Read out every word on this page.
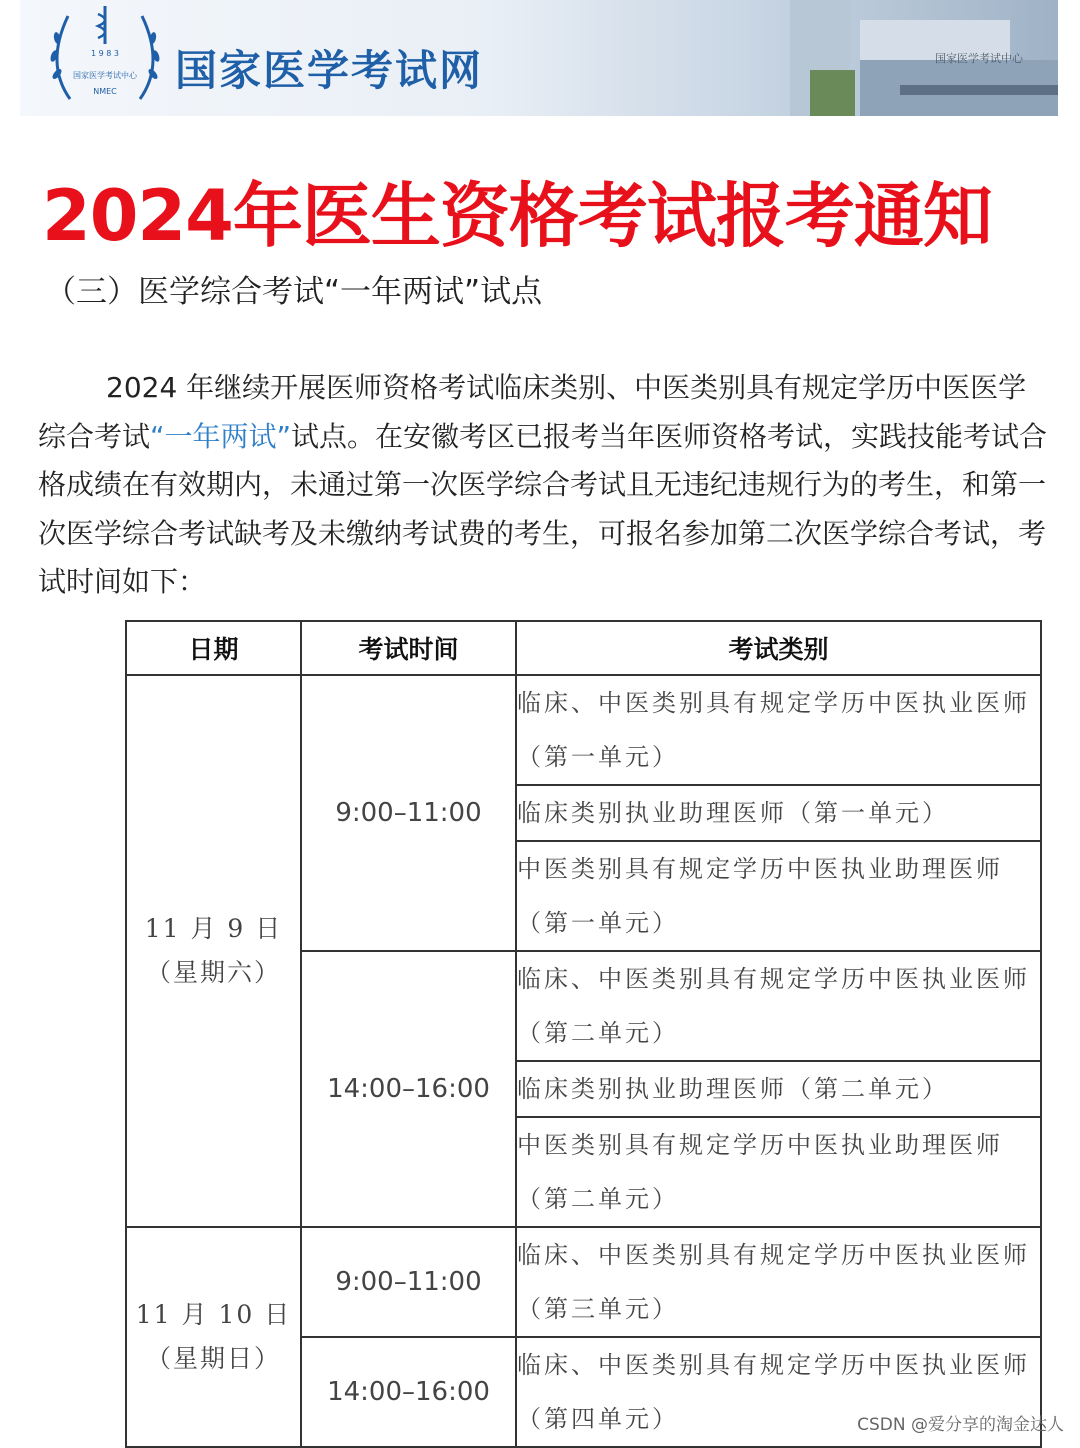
1 9 8 3
国家医学考试中心
NMEC 国家医学考试网	国家医学考试中心
2024年医生资格考试报考通知
（三）医学综合考试“一年两试”试点
2024 年继续开展医师资格考试临床类别、中医类别具有规定学历中医医学综合考试“一年两试”试点。在安徽考区已报考当年医师资格考试，实践技能考试合格成绩在有效期内，未通过第一次医学综合考试且无违纪违规行为的考生，和第一次医学综合考试缺考及未缴纳考试费的考生，可报名参加第二次医学综合考试，考试时间如下：
日期	考试时间	考试类别

11 月 9 日
（星期六）	9:00–11:00	临床、中医类别具有规定学历中医执业医师（第一单元）
		临床类别执业助理医师（第一单元）
		中医类别具有规定学历中医执业助理医师（第一单元）
	14:00–16:00	临床、中医类别具有规定学历中医执业医师（第二单元）
		临床类别执业助理医师（第二单元）
		中医类别具有规定学历中医执业助理医师（第二单元）

11 月 10 日
（星期日）	9:00–11:00	临床、中医类别具有规定学历中医执业医师（第三单元）
	14:00–16:00	临床、中医类别具有规定学历中医执业医师（第四单元）	CSDN @爱分享的淘金达人
